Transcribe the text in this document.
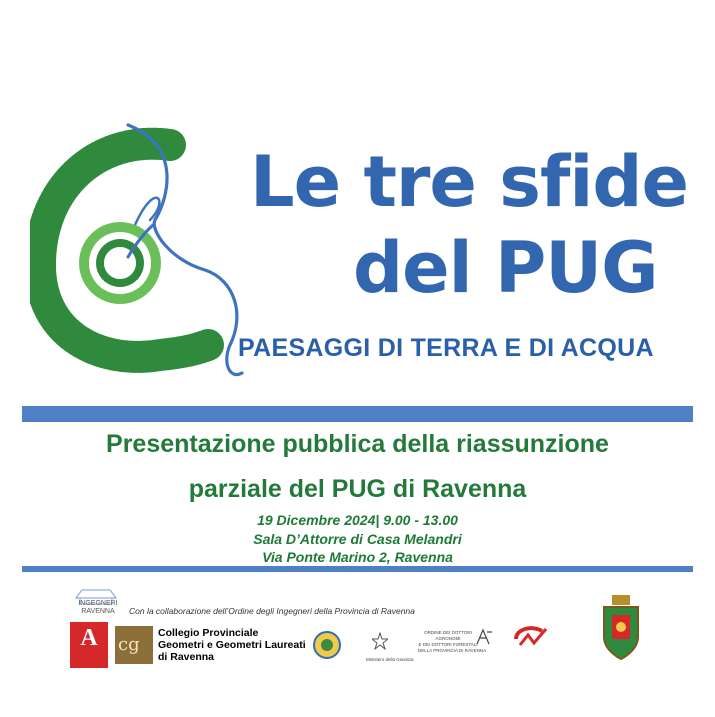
Le tre sfide
del PUG
PAESAGGI DI TERRA E DI ACQUA
Presentazione pubblica della riassunzione
parziale del PUG di Ravenna
19 Dicembre 2024| 9.00 - 13.00
Sala D’Attorre di Casa Melandri
Via Ponte Marino 2, Ravenna
INGEGNERI RAVENNA	Con la collaborazione dell’Ordine degli Ingegneri della Provincia di Ravenna
A cg
Collegio Provinciale
Geometri e Geometri Laureati
di Ravenna	Ministero della Giustizia
ORDINE DEI DOTTORI
AGRONOMI
E DEI DOTTORI FORESTALI
DELLA PROVINCIA DI RAVENNA
